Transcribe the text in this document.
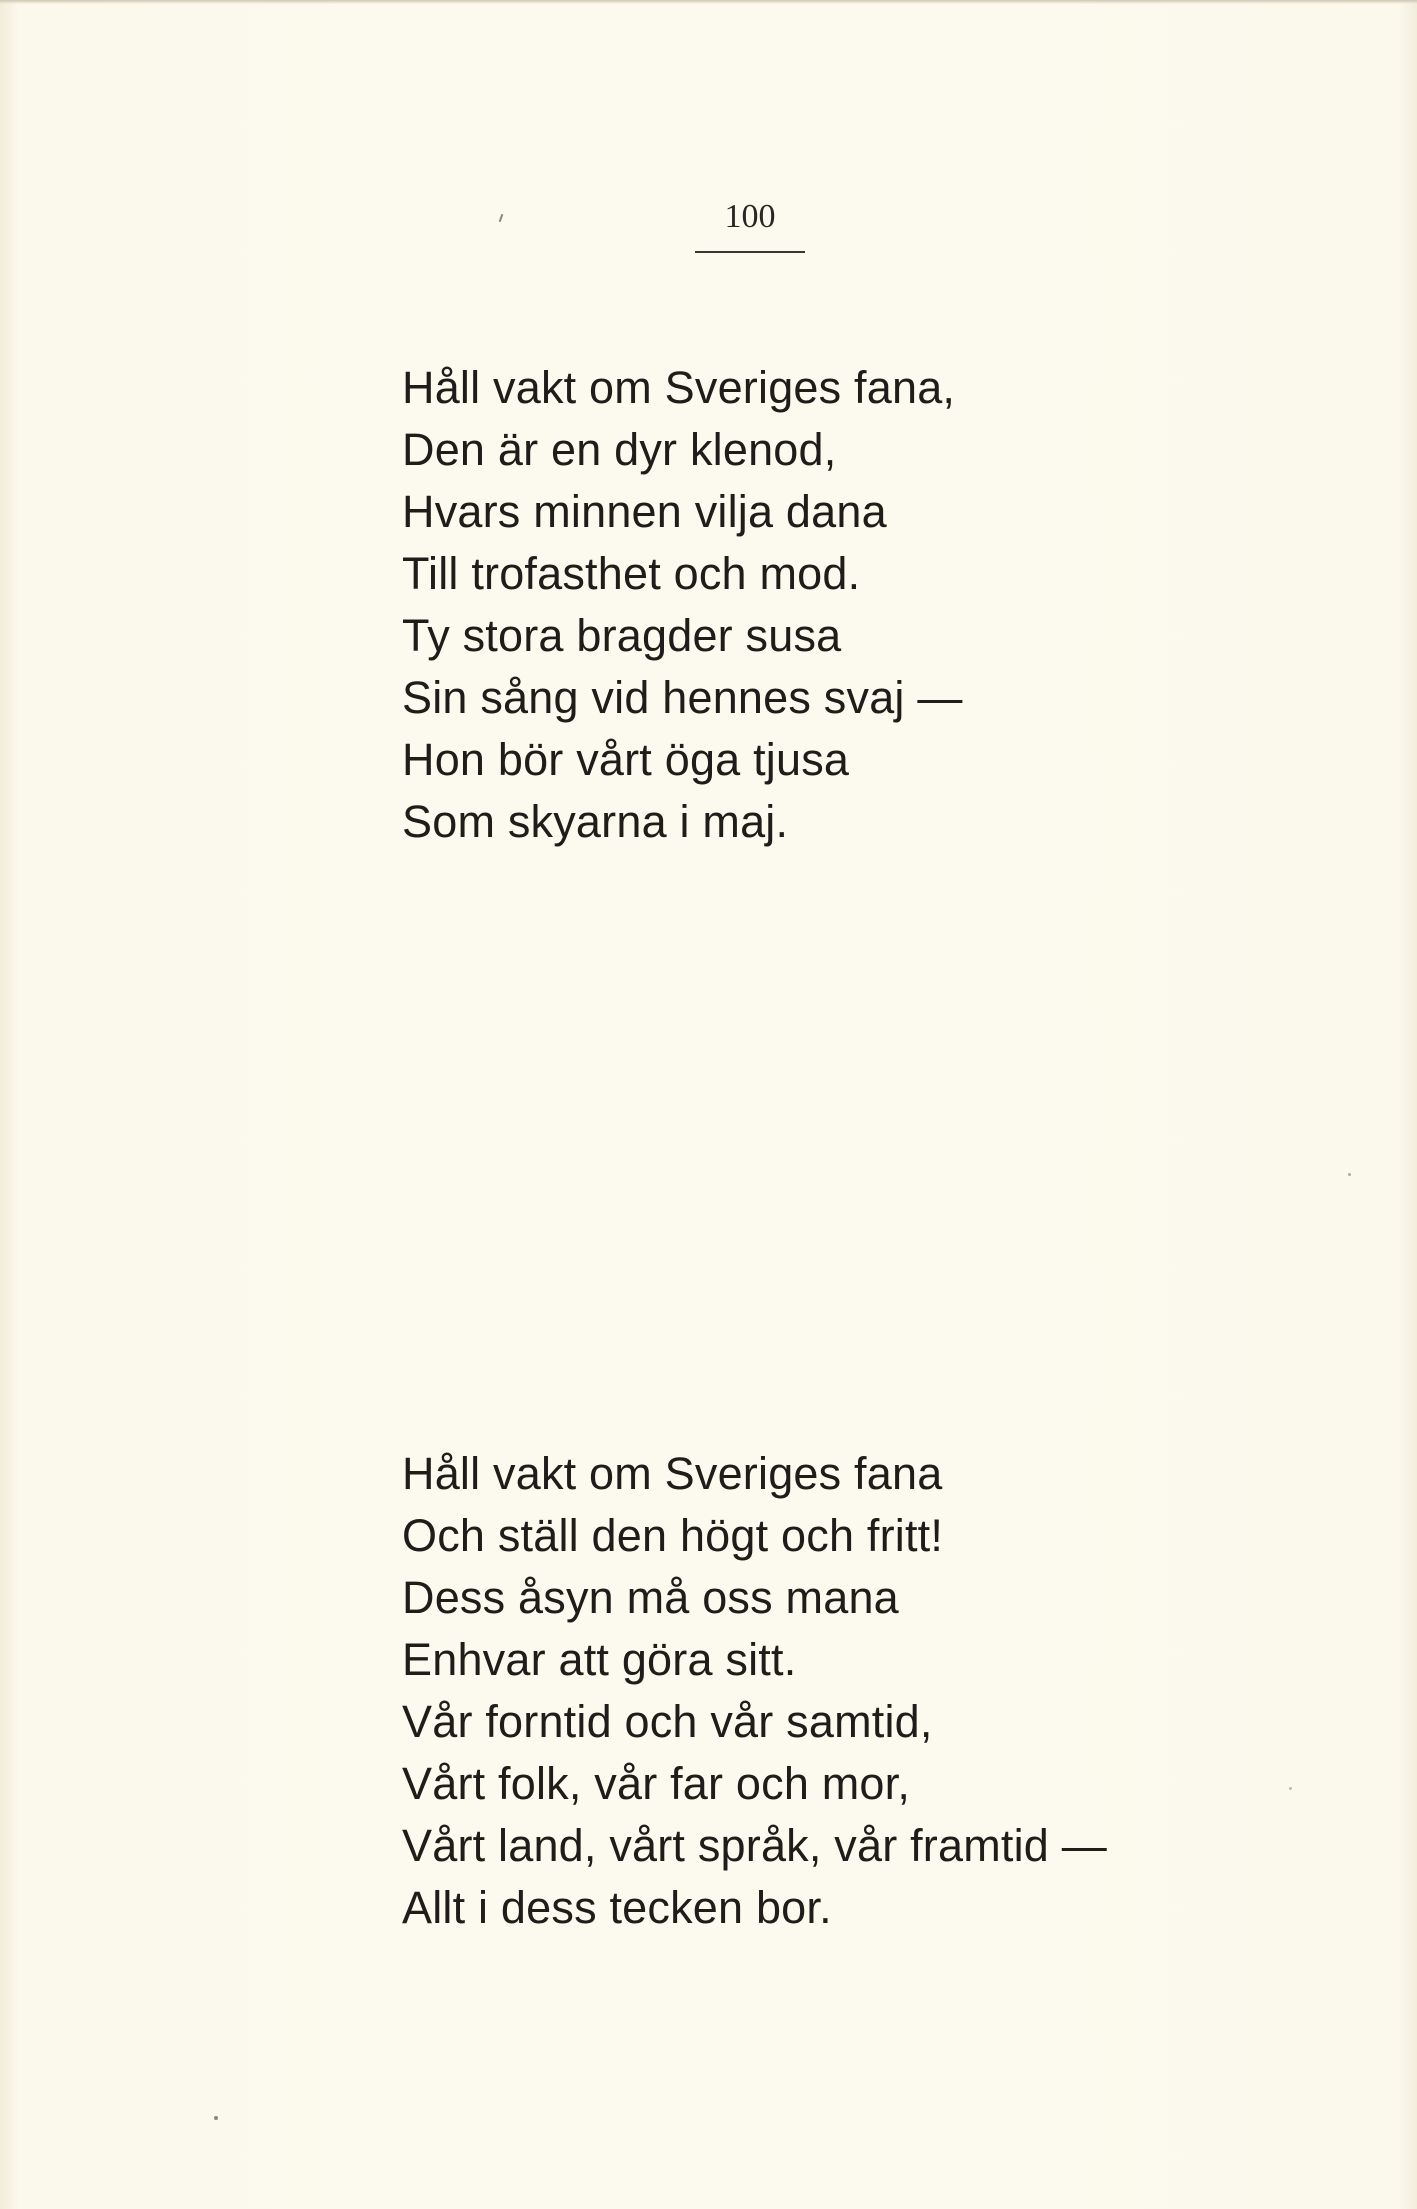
100
Håll vakt om Sveriges fana,
Den är en dyr klenod,
Hvars minnen vilja dana
Till trofasthet och mod.
Ty stora bragder susa
Sin sång vid hennes svaj —
Hon bör vårt öga tjusa
Som skyarna i maj.
Håll vakt om Sveriges fana
Och ställ den högt och fritt!
Dess åsyn må oss mana
Enhvar att göra sitt.
Vår forntid och vår samtid,
Vårt folk, vår far och mor,
Vårt land, vårt språk, vår framtid —
Allt i dess tecken bor.
